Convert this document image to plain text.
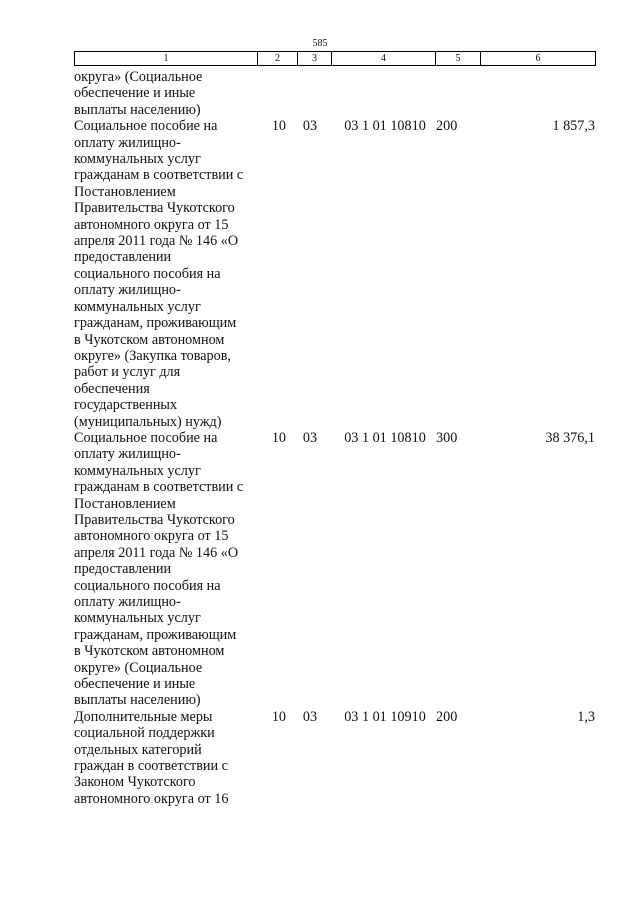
585
1	2	3	4	5	6
округа» (Социальное
обеспечение и иные
выплаты населению)
Социальное пособие на
оплату жилищно-
коммунальных услуг
гражданам в соответствии с
Постановлением
Правительства Чукотского
автономного округа от 15
апреля 2011 года № 146 «О
предоставлении
социального пособия на
оплату жилищно-
коммунальных услуг
гражданам, проживающим
в Чукотском автономном
округе» (Закупка товаров,
работ и услуг для
обеспечения
государственных
(муниципальных) нужд)
10	03	03 1 01 10810 200	1 857,3
Социальное пособие на
оплату жилищно-
коммунальных услуг
гражданам в соответствии с
Постановлением
Правительства Чукотского
автономного округа от 15
апреля 2011 года № 146 «О
предоставлении
социального пособия на
оплату жилищно-
коммунальных услуг
гражданам, проживающим
в Чукотском автономном
округе» (Социальное
обеспечение и иные
выплаты населению)
10	03	03 1 01 10810 300	38 376,1
Дополнительные меры
социальной поддержки
отдельных категорий
граждан в соответствии с
Законом Чукотского
автономного округа от 16
10	03	03 1 01 10910 200	1,3
